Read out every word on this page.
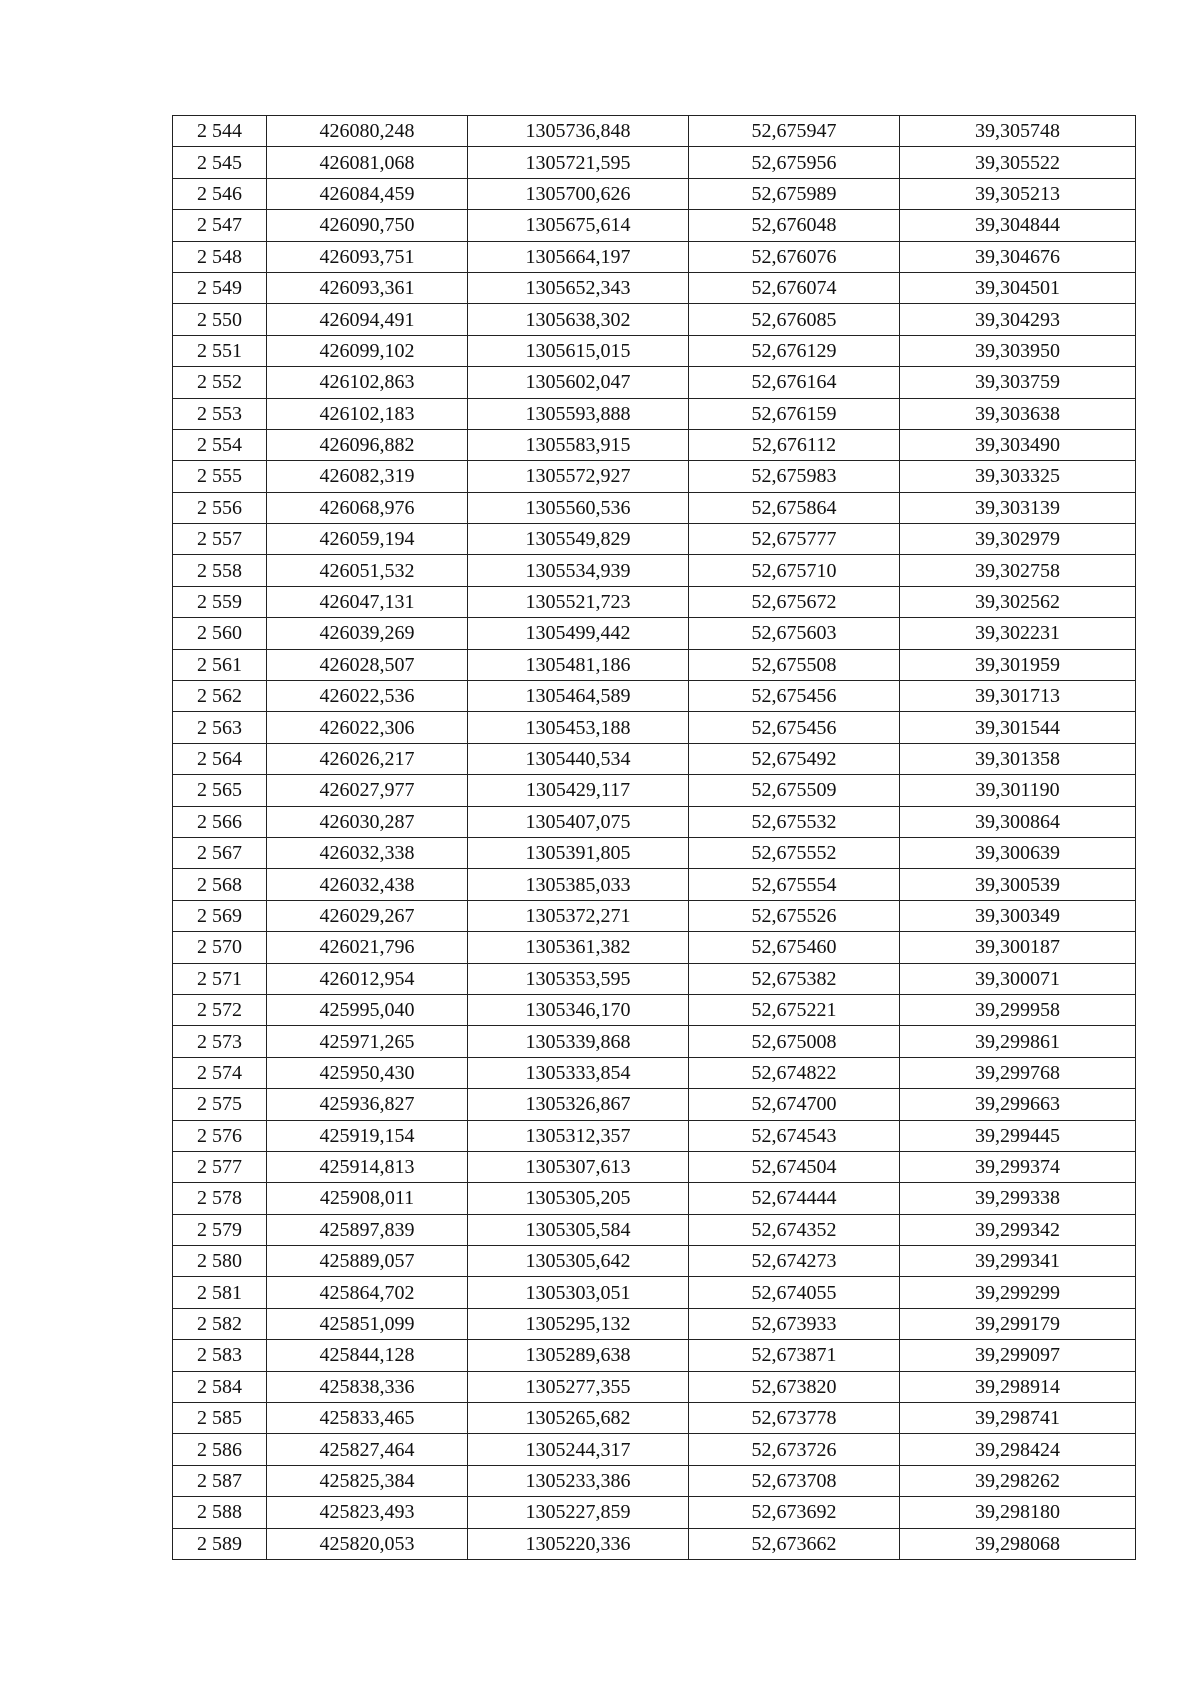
2 544	426080,248	1305736,848	52,675947	39,305748
2 545	426081,068	1305721,595	52,675956	39,305522
2 546	426084,459	1305700,626	52,675989	39,305213
2 547	426090,750	1305675,614	52,676048	39,304844
2 548	426093,751	1305664,197	52,676076	39,304676
2 549	426093,361	1305652,343	52,676074	39,304501
2 550	426094,491	1305638,302	52,676085	39,304293
2 551	426099,102	1305615,015	52,676129	39,303950
2 552	426102,863	1305602,047	52,676164	39,303759
2 553	426102,183	1305593,888	52,676159	39,303638
2 554	426096,882	1305583,915	52,676112	39,303490
2 555	426082,319	1305572,927	52,675983	39,303325
2 556	426068,976	1305560,536	52,675864	39,303139
2 557	426059,194	1305549,829	52,675777	39,302979
2 558	426051,532	1305534,939	52,675710	39,302758
2 559	426047,131	1305521,723	52,675672	39,302562
2 560	426039,269	1305499,442	52,675603	39,302231
2 561	426028,507	1305481,186	52,675508	39,301959
2 562	426022,536	1305464,589	52,675456	39,301713
2 563	426022,306	1305453,188	52,675456	39,301544
2 564	426026,217	1305440,534	52,675492	39,301358
2 565	426027,977	1305429,117	52,675509	39,301190
2 566	426030,287	1305407,075	52,675532	39,300864
2 567	426032,338	1305391,805	52,675552	39,300639
2 568	426032,438	1305385,033	52,675554	39,300539
2 569	426029,267	1305372,271	52,675526	39,300349
2 570	426021,796	1305361,382	52,675460	39,300187
2 571	426012,954	1305353,595	52,675382	39,300071
2 572	425995,040	1305346,170	52,675221	39,299958
2 573	425971,265	1305339,868	52,675008	39,299861
2 574	425950,430	1305333,854	52,674822	39,299768
2 575	425936,827	1305326,867	52,674700	39,299663
2 576	425919,154	1305312,357	52,674543	39,299445
2 577	425914,813	1305307,613	52,674504	39,299374
2 578	425908,011	1305305,205	52,674444	39,299338
2 579	425897,839	1305305,584	52,674352	39,299342
2 580	425889,057	1305305,642	52,674273	39,299341
2 581	425864,702	1305303,051	52,674055	39,299299
2 582	425851,099	1305295,132	52,673933	39,299179
2 583	425844,128	1305289,638	52,673871	39,299097
2 584	425838,336	1305277,355	52,673820	39,298914
2 585	425833,465	1305265,682	52,673778	39,298741
2 586	425827,464	1305244,317	52,673726	39,298424
2 587	425825,384	1305233,386	52,673708	39,298262
2 588	425823,493	1305227,859	52,673692	39,298180
2 589	425820,053	1305220,336	52,673662	39,298068
